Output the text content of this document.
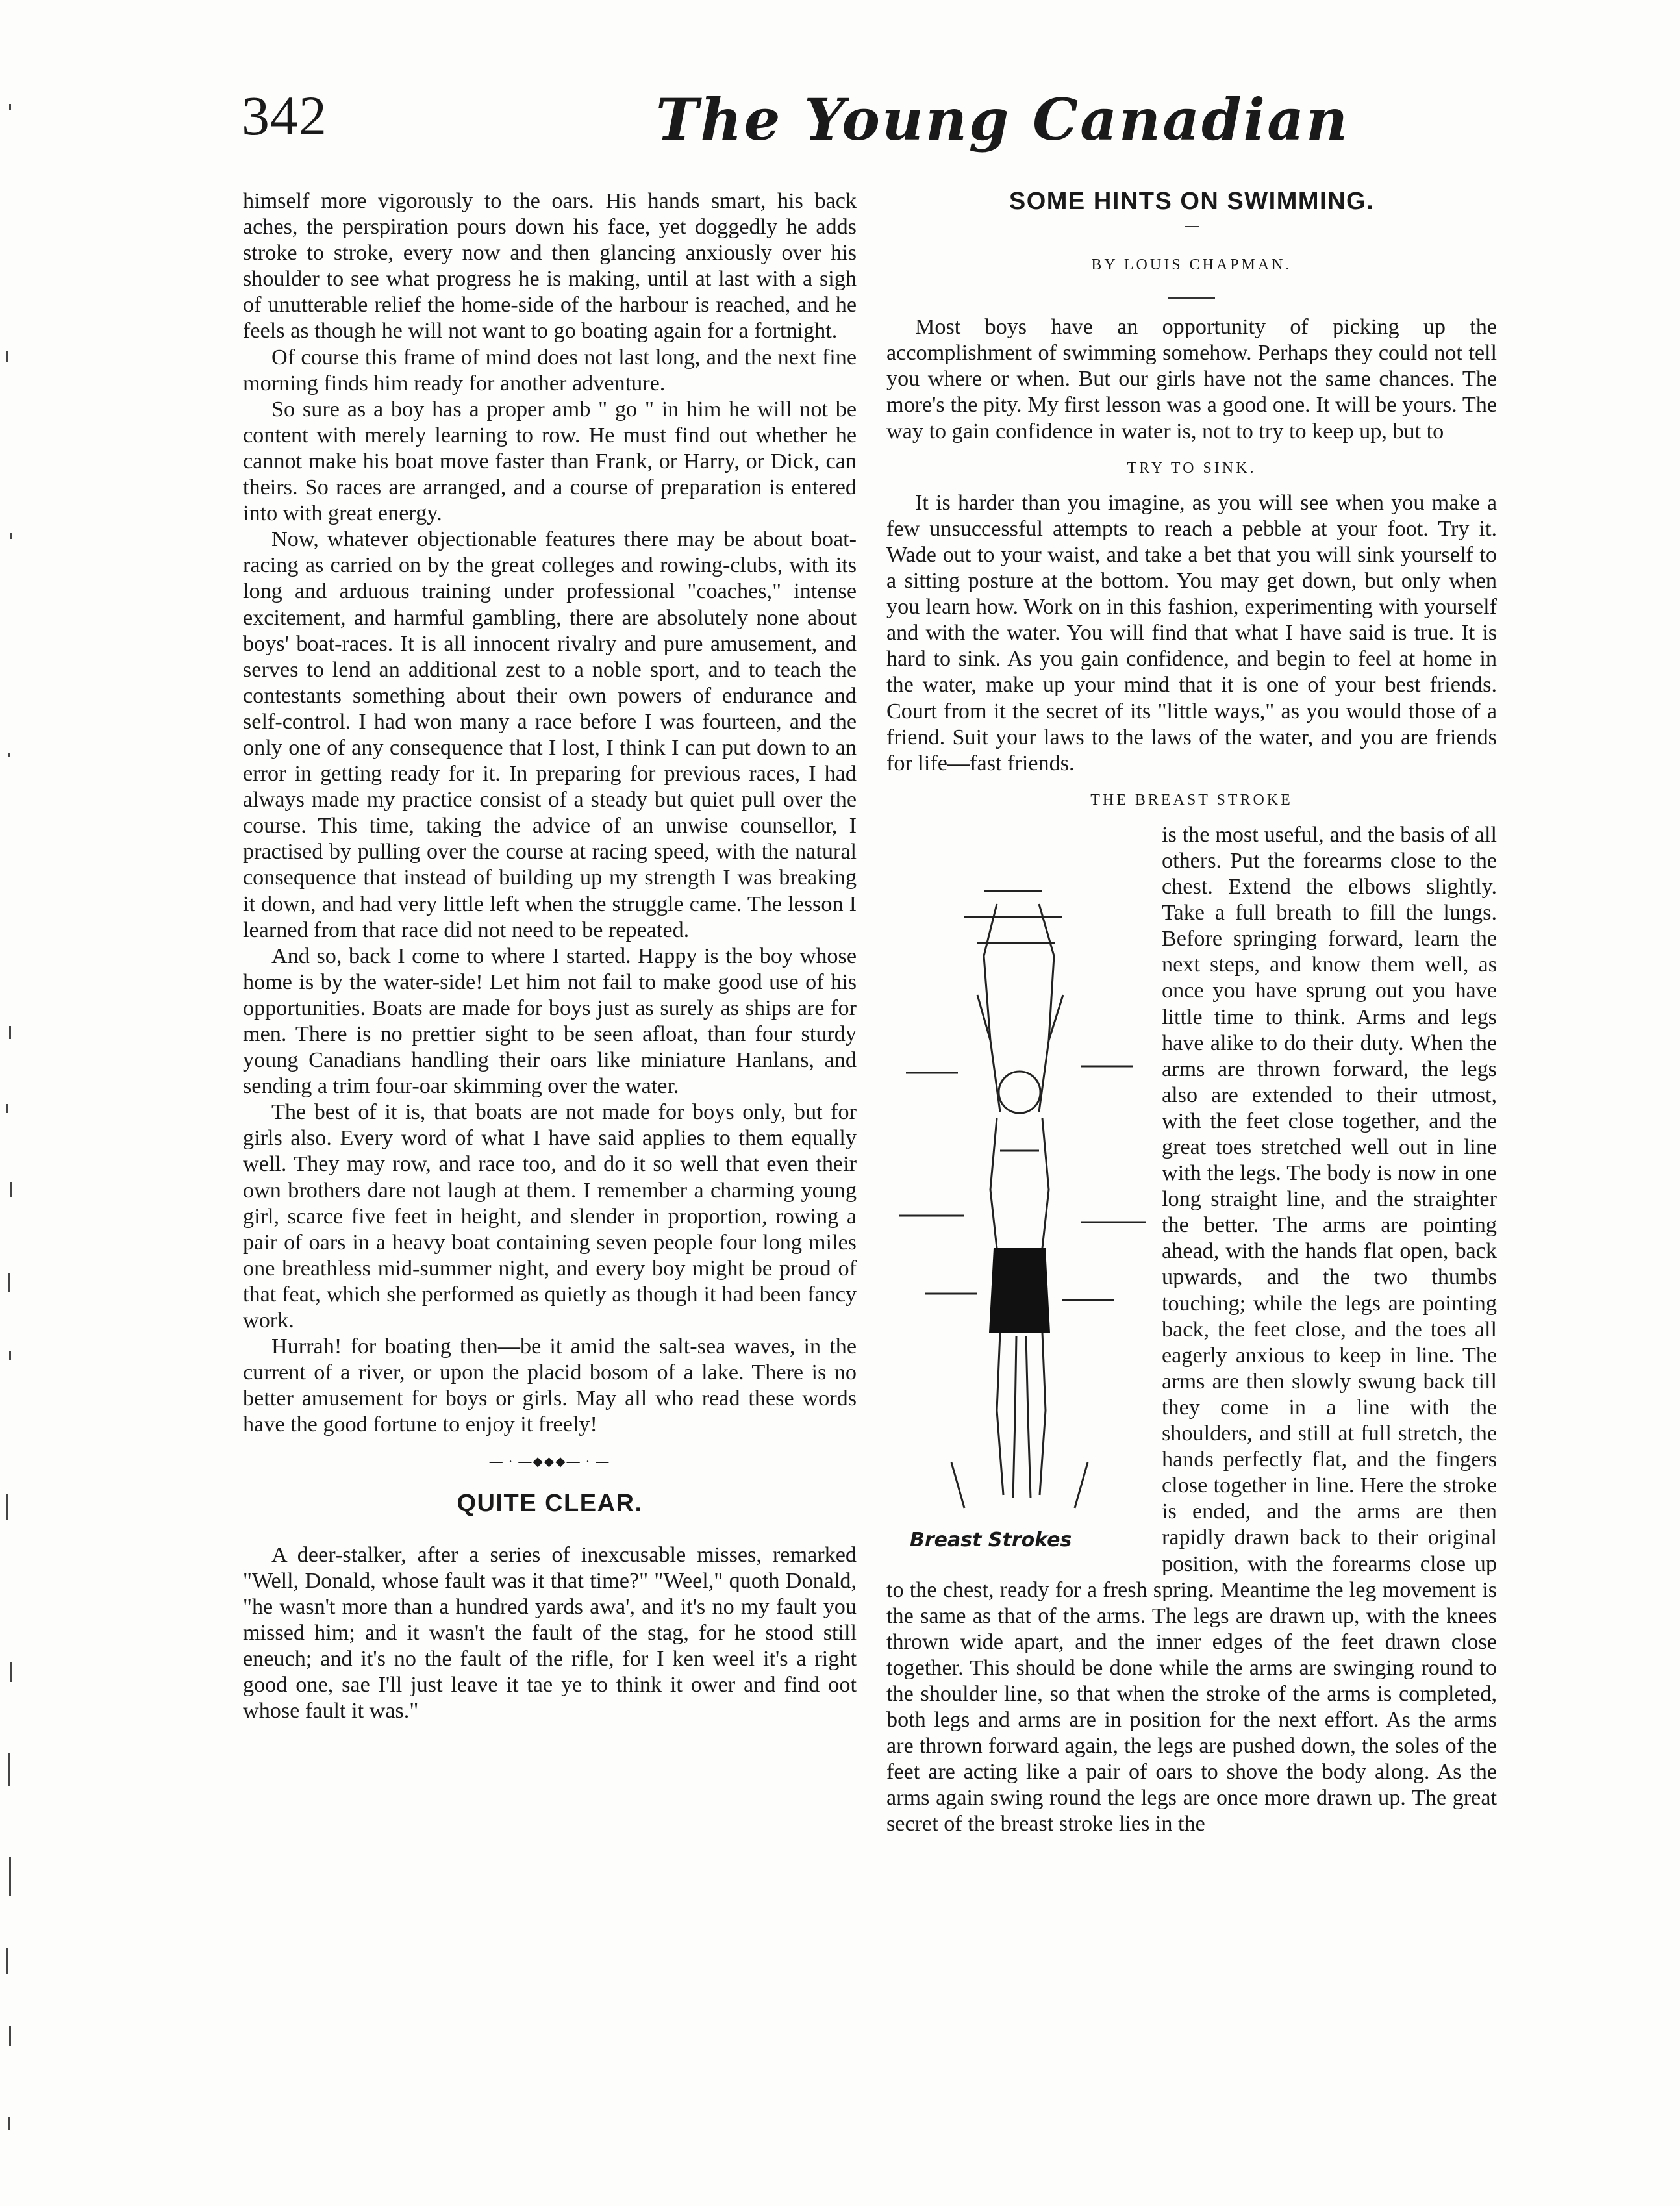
342	The Young Canadian

himself more vigorously to the oars. His hands smart, his back aches, the perspiration pours down his face, yet doggedly he adds stroke to stroke, every now and then glancing anxiously over his shoulder to see what progress he is making, until at last with a sigh of unutterable relief the home-side of the harbour is reached, and he feels as though he will not want to go boating again for a fortnight.

Of course this frame of mind does not last long, and the next fine morning finds him ready for another adventure.

So sure as a boy has a proper amb " go " in him he will not be content with merely learning to row. He must find out whether he cannot make his boat move faster than Frank, or Harry, or Dick, can theirs. So races are arranged, and a course of preparation is entered into with great energy.

Now, whatever objectionable features there may be about boat-racing as carried on by the great colleges and rowing-clubs, with its long and arduous training under professional "coaches," intense excitement, and harmful gambling, there are absolutely none about boys' boat-races. It is all innocent rivalry and pure amusement, and serves to lend an additional zest to a noble sport, and to teach the contestants something about their own powers of endurance and self-control. I had won many a race before I was fourteen, and the only one of any consequence that I lost, I think I can put down to an error in getting ready for it. In preparing for previous races, I had always made my practice consist of a steady but quiet pull over the course. This time, taking the advice of an unwise counsellor, I practised by pulling over the course at racing speed, with the natural consequence that instead of building up my strength I was breaking it down, and had very little left when the struggle came. The lesson I learned from that race did not need to be repeated.

And so, back I come to where I started. Happy is the boy whose home is by the water-side! Let him not fail to make good use of his opportunities. Boats are made for boys just as surely as ships are for men. There is no prettier sight to be seen afloat, than four sturdy young Canadians handling their oars like miniature Hanlans, and sending a trim four-oar skimming over the water.

The best of it is, that boats are not made for boys only, but for girls also. Every word of what I have said applies to them equally well. They may row, and race too, and do it so well that even their own brothers dare not laugh at them. I remember a charming young girl, scarce five feet in height, and slender in proportion, rowing a pair of oars in a heavy boat containing seven people four long miles one breathless mid-summer night, and every boy might be proud of that feat, which she performed as quietly as though it had been fancy work.

Hurrah! for boating then—be it amid the salt-sea waves, in the current of a river, or upon the placid bosom of a lake. There is no better amusement for boys or girls. May all who read these words have the good fortune to enjoy it freely!

— · —◆◆◆— · —
QUITE CLEAR.

A deer-stalker, after a series of inexcusable misses, remarked "Well, Donald, whose fault was it that time?" "Weel," quoth Donald, "he wasn't more than a hundred yards awa', and it's no my fault you missed him; and it wasn't the fault of the stag, for he stood still eneuch; and it's no the fault of the rifle, for I ken weel it's a right good one, sae I'll just leave it tae ye to think it ower and find oot whose fault it was."

SOME HINTS ON SWIMMING.
BY LOUIS CHAPMAN.

Most boys have an opportunity of picking up the accomplishment of swimming somehow. Perhaps they could not tell you where or when. But our girls have not the same chances. The more's the pity. My first lesson was a good one. It will be yours. The way to gain confidence in water is, not to try to keep up, but to

TRY TO SINK.

It is harder than you imagine, as you will see when you make a few unsuccessful attempts to reach a pebble at your foot. Try it. Wade out to your waist, and take a bet that you will sink yourself to a sitting posture at the bottom. You may get down, but only when you learn how. Work on in this fashion, experimenting with yourself and with the water. You will find that what I have said is true. It is hard to sink. As you gain confidence, and begin to feel at home in the water, make up your mind that it is one of your best friends. Court from it the secret of its "little ways," as you would those of a friend. Suit your laws to the laws of the water, and you are friends for life—fast friends.

THE BREAST STROKE
Breast Strokes

is the most useful, and the basis of all others. Put the forearms close to the chest. Extend the elbows slightly. Take a full breath to fill the lungs. Before springing forward, learn the next steps, and know them well, as once you have sprung out you have little time to think. Arms and legs have alike to do their duty. When the arms are thrown forward, the legs also are extended to their utmost, with the feet close together, and the great toes stretched well out in line with the legs. The body is now in one long straight line, and the straighter the better. The arms are pointing ahead, with the hands flat open, back upwards, and the two thumbs touching; while the legs are pointing back, the feet close, and the toes all eagerly anxious to keep in line. The arms are then slowly swung back till they come in a line with the shoulders, and still at full stretch, the hands perfectly flat, and the fingers close together in line. Here the stroke is ended, and the arms are then rapidly drawn back to their original position, with the forearms close up to the chest, ready for a fresh spring. Meantime the leg movement is the same as that of the arms. The legs are drawn up, with the knees thrown wide apart, and the inner edges of the feet drawn close together. This should be done while the arms are swinging round to the shoulder line, so that when the stroke of the arms is completed, both legs and arms are in position for the next effort. As the arms are thrown forward again, the legs are pushed down, the soles of the feet are acting like a pair of oars to shove the body along. As the arms again swing round the legs are once more drawn up. The great secret of the breast stroke lies in the
